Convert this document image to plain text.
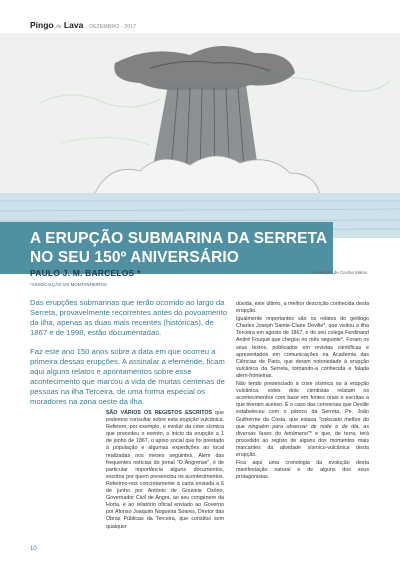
Pingo de Lava DEZEMBRO - 2017
A ERUPÇÃO SUBMARINA DA SERRETA
NO SEU 150º ANIVERSÁRIO
PAULO J. M. BARCELOS *
*ASSOCIAÇÃO OS MONTANHEIROS
Ilustração de Cecília Matos
Das erupções submarinas que terão ocorrido ao largo da Serreta, provavelmente recorrentes antes do povoamento da ilha, apenas as duas mais recentes (históricas), de 1867 e de 1998, estão documentadas.
Faz este ano 150 anos sobre a data em que ocorreu a primeira dessas erupções. A assinalar a efeméride, ficam aqui alguns relatos e apontamentos sobre esse acontecimento que marcou a vida de muitas centenas de pessoas na ilha Terceira, de uma forma especial os moradores na zona oeste da ilha.

SÃO VÁRIOS OS REGISTOS ESCRITOS que podemos consultar sobre esta erupção vulcânica. Referem, por exemplo, o evoluir da crise sísmica que precedeu o evento, o início da erupção a 1 de junho de 1867, o apoio social que foi prestado à população e algumas expedições ao local realizadas nos meses seguintes. Além das frequentes notícias do jornal "O Angrense", é de particular importância alguns documentos, escritos por quem presenciou os acontecimentos. Referimo-nos concretamente à carta enviada a 6 de junho por António de Gouveia Osório, Governador Civil de Angra, ao seu congénere da Horta, e ao relatório oficial enviado ao Governo por Afonso Joaquim Nogueira Soares, Diretor das Obras Públicas da Terceira, que constitui sem qualquer

dúvida, este último, a melhor descrição conhecida desta erupção.

Igualmente importantes são os relatos do geólogo Charles Joseph Sainte-Claire Deville*, que visitou a ilha Terceira em agosto de 1867, e do seu colega Ferdinand André Fouqué que chegou no mês seguinte*. Foram os seus textos, publicados em revistas científicas e apresentados em comunicações na Academia das Ciências de Paris, que deram notoriedade à erupção vulcânica da Serreta, tornando-a conhecida e falada além-fronteiras.

Não tendo presenciado à crise sísmica ou à erupção vulcânica, estes dois cientistas relatam os acontecimentos com base em fontes orais e escritas a que tiveram acesso. É o caso das conversas que Deville estabeleceu com o pároco da Serreta, Pe. João Guilherme da Costa, que estava "colocado melhor do que ninguém para observar de noite e de dia, as diversas fases do fenómeno"* e que, de terra, terá procedido ao registo de alguns dos momentos mais marcantes da atividade sísmico-vulcânica desta erupção.

Fica aqui uma cronologia da evolução desta manifestação natural e de alguns dos seus protagonistas.

10
